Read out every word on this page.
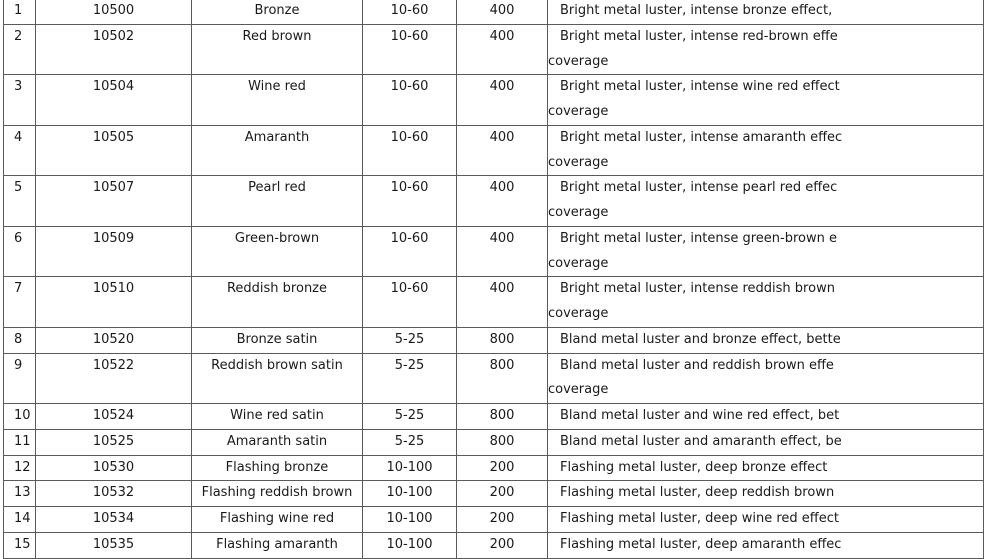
1	10500	Bronze	10-60	400	Bright metal luster, intense bronze effect,

2	10502	Red brown	10-60	400	Bright metal luster, intense red-brown effe
coverage

3	10504	Wine red	10-60	400	Bright metal luster, intense wine red effect
coverage

4	10505	Amaranth	10-60	400	Bright metal luster, intense amaranth effec
coverage

5	10507	Pearl red	10-60	400	Bright metal luster, intense pearl red effec
coverage

6	10509	Green-brown	10-60	400	Bright metal luster, intense green-brown e
coverage

7	10510	Reddish bronze	10-60	400	Bright metal luster, intense reddish brown
coverage

8	10520	Bronze satin	5-25	800	Bland metal luster and bronze effect, bette

9	10522	Reddish brown satin	5-25	800	Bland metal luster and reddish brown effe
coverage

10	10524	Wine red satin	5-25	800	Bland metal luster and wine red effect, bet

11	10525	Amaranth satin	5-25	800	Bland metal luster and amaranth effect, be

12	10530	Flashing bronze	10-100	200	Flashing metal luster, deep bronze effect

13	10532	Flashing reddish brown	10-100	200	Flashing metal luster, deep reddish brown

14	10534	Flashing wine red	10-100	200	Flashing metal luster, deep wine red effect

15	10535	Flashing amaranth	10-100	200	Flashing metal luster, deep amaranth effec
